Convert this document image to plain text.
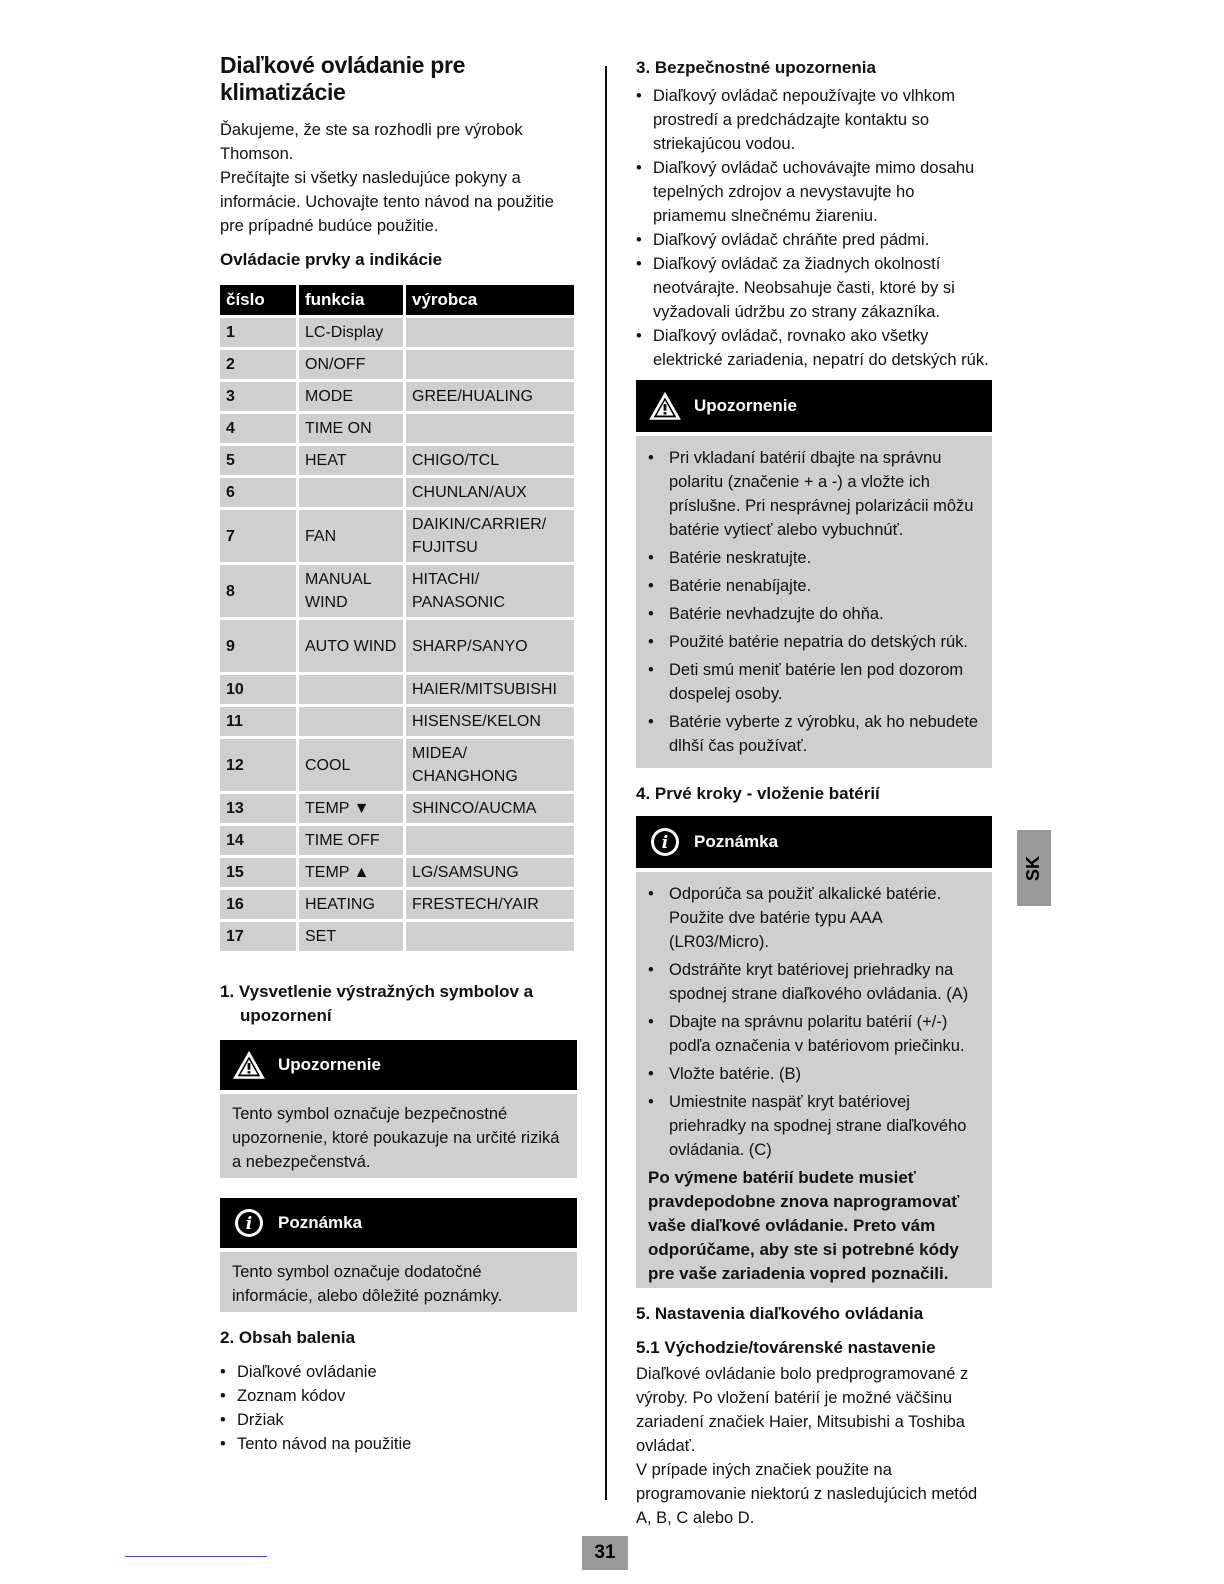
Diaľkové ovládanie pre klimatizácie

Ďakujeme, že ste sa rozhodli pre výrobok Thomson.

Prečítajte si všetky nasledujúce pokyny a informácie. Uchovajte tento návod na použitie pre prípadné budúce použitie.

Ovládacie prvky a indikácie
číslo	funkcia	výrobca
1	LC-Display	
2	ON/OFF	
3	MODE	GREE/HUALING
4	TIME ON	
5	HEAT	CHIGO/TCL
6		CHUNLAN/AUX
7	FAN	DAIKIN/CARRIER/ FUJITSU
8	MANUAL WIND	HITACHI/ PANASONIC
9	AUTO WIND	SHARP/SANYO
10		HAIER/MITSUBISHI
11		HISENSE/KELON
12	COOL	MIDEA/ CHANGHONG
13	TEMP ▼	SHINCO/AUCMA
14	TIME OFF	
15	TEMP ▲	LG/SAMSUNG
16	HEATING	FRESTECH/YAIR
17	SET	
1. Vysvetlenie výstražných symbolov a upozornení
Upozornenie

Tento symbol označuje bezpečnostné upozornenie, ktoré poukazuje na určité riziká a nebezpečenstvá.

i Poznámka

Tento symbol označuje dodatočné informácie, alebo dôležité poznámky.

2. Obsah balenia
• Diaľkové ovládanie
• Zoznam kódov
• Držiak
• Tento návod na použitie
3. Bezpečnostné upozornenia
• Diaľkový ovládač nepoužívajte vo vlhkom prostredí a predchádzajte kontaktu so striekajúcou vodou.
• Diaľkový ovládač uchovávajte mimo dosahu tepelných zdrojov a nevystavujte ho priamemu slnečnému žiareniu.
• Diaľkový ovládač chráňte pred pádmi.
• Diaľkový ovládač za žiadnych okolností neotvárajte. Neobsahuje časti, ktoré by si vyžadovali údržbu zo strany zákazníka.
• Diaľkový ovládač, rovnako ako všetky elektrické zariadenia, nepatrí do detských rúk.
Upozornenie
• Pri vkladaní batérií dbajte na správnu polaritu (značenie + a -) a vložte ich príslušne. Pri nesprávnej polarizácii môžu batérie vytiecť alebo vybuchnúť.
• Batérie neskratujte.
• Batérie nenabíjajte.
• Batérie nevhadzujte do ohňa.
• Použité batérie nepatria do detských rúk.
• Deti smú meniť batérie len pod dozorom dospelej osoby.
• Batérie vyberte z výrobku, ak ho nebudete dlhší čas používať.
4. Prvé kroky - vloženie batérií
i Poznámka
• Odporúča sa použiť alkalické batérie. Použite dve batérie typu AAA (LR03/Micro).
• Odstráňte kryt batériovej priehradky na spodnej strane diaľkového ovládania. (A)
• Dbajte na správnu polaritu batérií (+/-) podľa označenia v batériovom priečinku.
• Vložte batérie. (B)
• Umiestnite naspäť kryt batériovej priehradky na spodnej strane diaľkového ovládania. (C)

Po výmene batérií budete musieť pravdepodobne znova naprogramovať vaše diaľkové ovládanie. Preto vám odporúčame, aby ste si potrebné kódy pre vaše zariadenia vopred poznačili.

5. Nastavenia diaľkového ovládania
5.1 Východzie/továrenské nastavenie

Diaľkové ovládanie bolo predprogramované z výroby. Po vložení batérií je možné väčšinu zariadení značiek Haier, Mitsubishi a Toshiba ovládať.

V prípade iných značiek použite na programovanie niektorú z nasledujúcich metód A, B, C alebo D.

SK
31
